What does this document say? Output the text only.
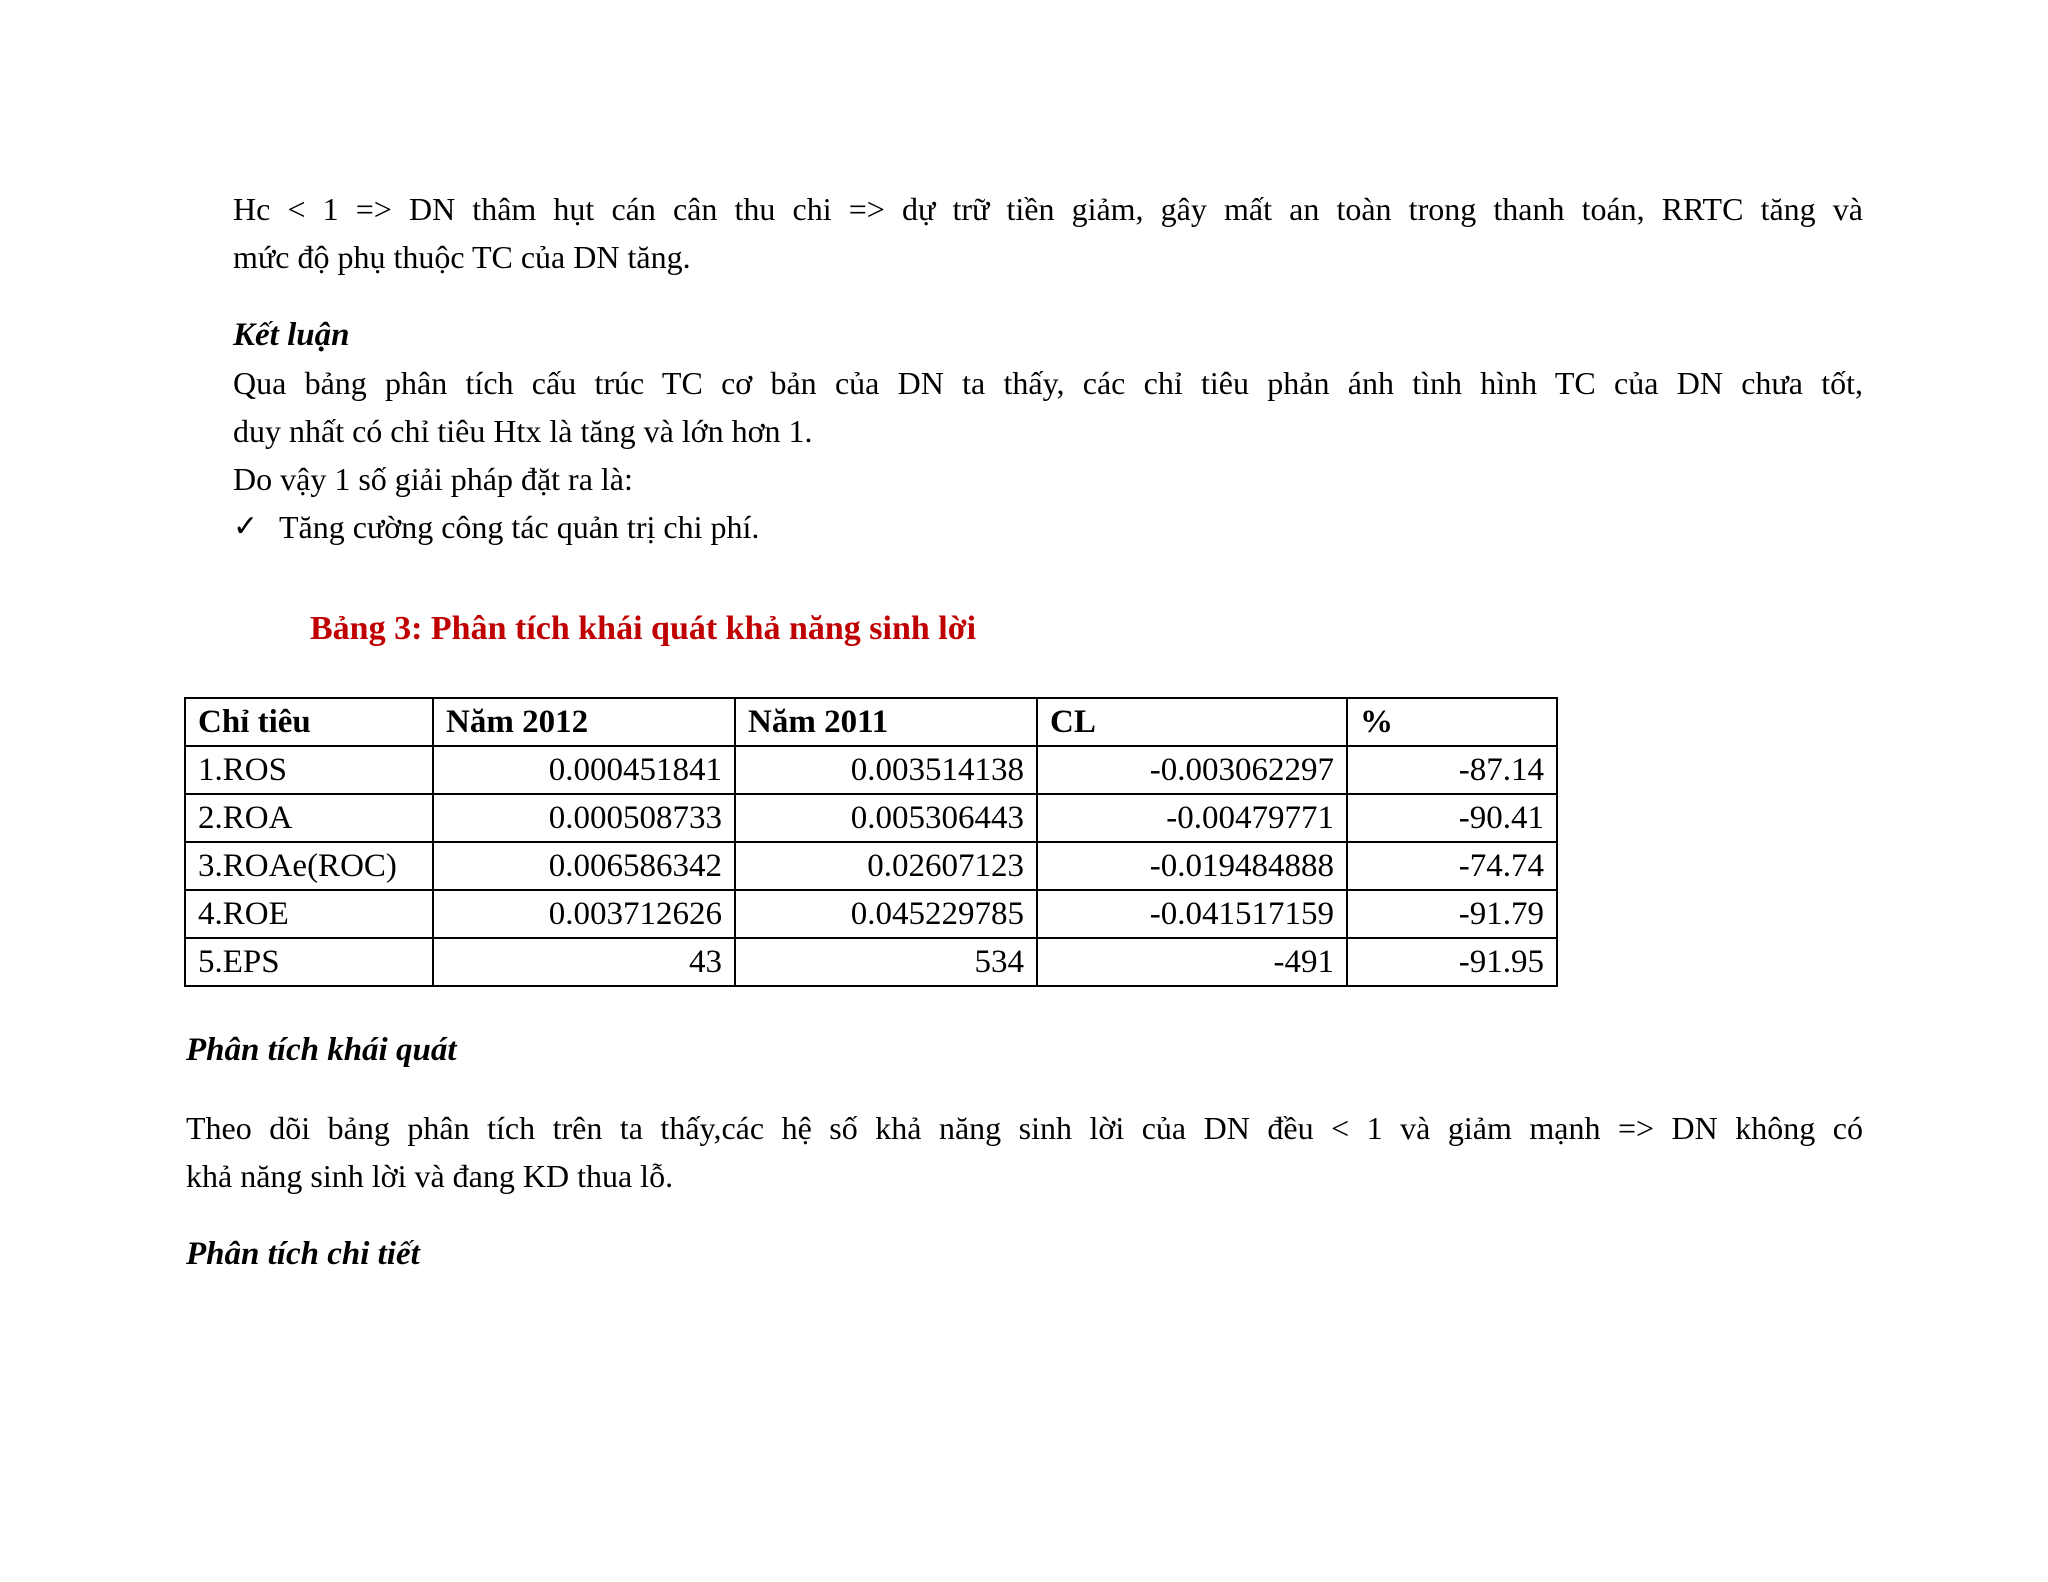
Hc < 1 => DN thâm hụt cán cân thu chi => dự trữ tiền giảm, gây mất an toàn trong thanh toán, RRTC tăng và
mức độ phụ thuộc TC của DN tăng.

Kết luận

Qua bảng phân tích cấu trúc TC cơ bản của DN ta thấy, các chỉ tiêu phản ánh tình hình TC của DN chưa tốt,
duy nhất có chỉ tiêu Htx là tăng và lớn hơn 1.

Do vậy 1 số giải pháp đặt ra là:

✓ Tăng cường công tác quản trị chi phí.

Bảng 3: Phân tích khái quát khả năng sinh lời

Chỉ tiêu	Năm 2012	Năm 2011	CL	%
1.ROS	0.000451841	0.003514138	-0.003062297	-87.14
2.ROA	0.000508733	0.005306443	-0.00479771	-90.41
3.ROAe(ROC)	0.006586342	0.02607123	-0.019484888	-74.74
4.ROE	0.003712626	0.045229785	-0.041517159	-91.79
5.EPS	43	534	-491	-91.95

Phân tích khái quát

Theo dõi bảng phân tích trên ta thấy,các hệ số khả năng sinh lời của DN đều < 1 và giảm mạnh => DN không có
khả năng sinh lời và đang KD thua lỗ.

Phân tích chi tiết
